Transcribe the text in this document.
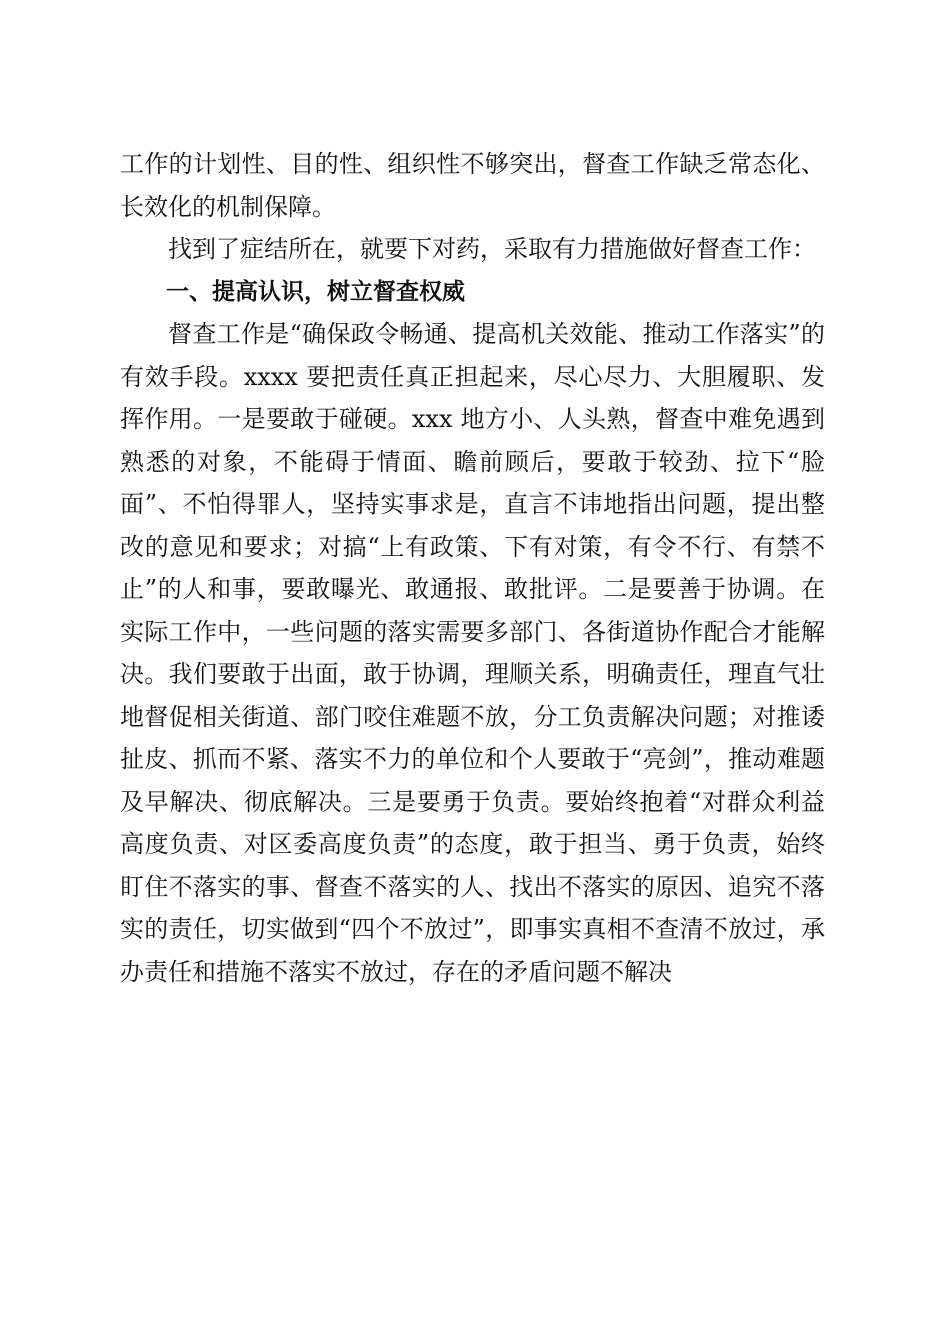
工作的计划性、目的性、组织性不够突出，督查工作缺乏常态化、长效化的机制保障。

找到了症结所在，就要下对药，采取有力措施做好督查工作：

一、提高认识，树立督查权威

督查工作是“确保政令畅通、提高机关效能、推动工作落实”的有效手段。xxxx 要把责任真正担起来，尽心尽力、大胆履职、发挥作用。一是要敢于碰硬。xxx 地方小、人头熟，督查中难免遇到熟悉的对象，不能碍于情面、瞻前顾后，要敢于较劲、拉下“脸面”、不怕得罪人，坚持实事求是，直言不讳地指出问题，提出整改的意见和要求；对搞“上有政策、下有对策，有令不行、有禁不止”的人和事，要敢曝光、敢通报、敢批评。二是要善于协调。在实际工作中，一些问题的落实需要多部门、各街道协作配合才能解决。我们要敢于出面，敢于协调，理顺关系，明确责任，理直气壮地督促相关街道、部门咬住难题不放，分工负责解决问题；对推诿扯皮、抓而不紧、落实不力的单位和个人要敢于“亮剑”，推动难题及早解决、彻底解决。三是要勇于负责。要始终抱着“对群众利益高度负责、对区委高度负责”的态度，敢于担当、勇于负责，始终盯住不落实的事、督查不落实的人、找出不落实的原因、追究不落实的责任，切实做到“四个不放过”，即事实真相不查清不放过，承办责任和措施不落实不放过，存在的矛盾问题不解决
